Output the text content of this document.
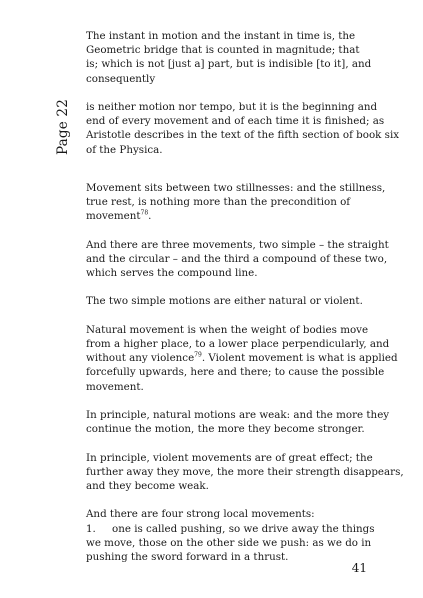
Page 22

The instant in motion and the instant in time is, the
Geometric bridge that is counted in magnitude; that
is; which is not [just a] part, but is indisible [to it], and
consequently

is neither motion nor tempo, but it is the beginning and
end of every movement and of each time it is finished; as
Aristotle describes in the text of the fifth section of book six
of the Physica.

Movement sits between two stillnesses: and the stillness,
true rest, is nothing more than the precondition of
movement$^{78}$.

And there are three movements, two simple – the straight
and the circular – and the third a compound of these two,
which serves the compound line.

The two simple motions are either natural or violent.

Natural movement is when the weight of bodies move
from a higher place, to a lower place perpendicularly, and
without any violence$^{79}$. Violent movement is what is applied
forcefully upwards, here and there; to cause the possible
movement.

In principle, natural motions are weak: and the more they
continue the motion, the more they become stronger.

In principle, violent movements are of great effect; the
further away they move, the more their strength disappears,
and they become weak.

And there are four strong local movements:
1. one is called pushing, so we drive away the things
we move, those on the other side we push: as we do in
pushing the sword forward in a thrust.

41
